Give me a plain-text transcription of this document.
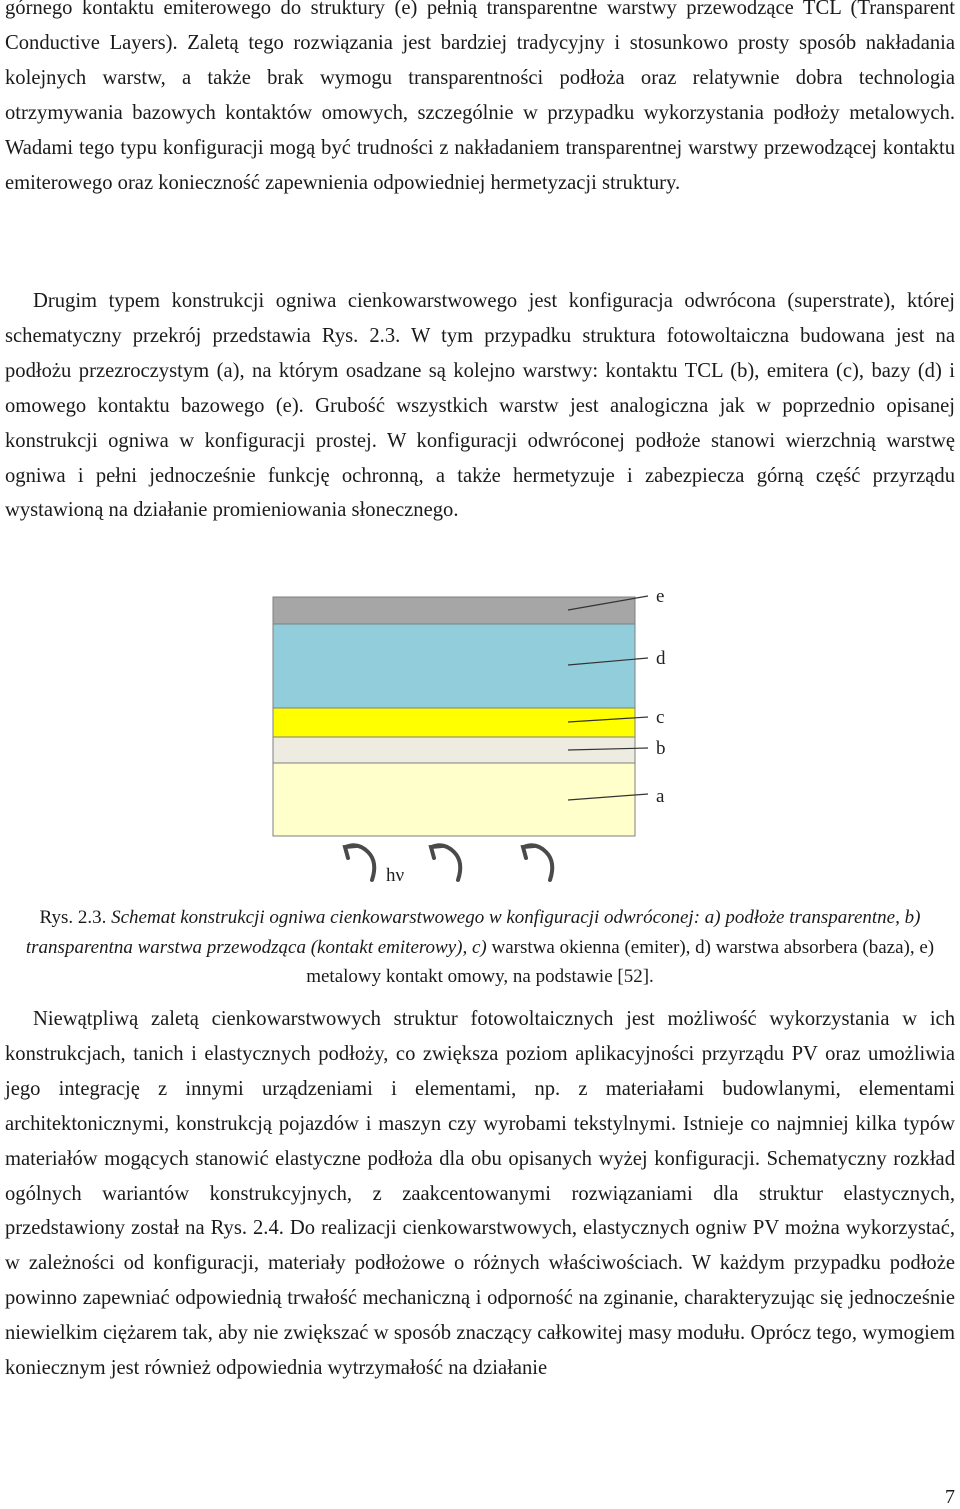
górnego kontaktu emiterowego do struktury (e) pełnią transparentne warstwy przewodzące TCL (Transparent Conductive Layers). Zaletą tego rozwiązania jest bardziej tradycyjny i stosunkowo prosty sposób nakładania kolejnych warstw, a także brak wymogu transparentności podłoża oraz relatywnie dobra technologia otrzymywania bazowych kontaktów omowych, szczególnie w przypadku wykorzystania podłoży metalowych. Wadami tego typu konfiguracji mogą być trudności z nakładaniem transparentnej warstwy przewodzącej kontaktu emiterowego oraz konieczność zapewnienia odpowiedniej hermetyzacji struktury.

Drugim typem konstrukcji ogniwa cienkowarstwowego jest konfiguracja odwrócona (superstrate), której schematyczny przekrój przedstawia Rys. 2.3. W tym przypadku struktura fotowoltaiczna budowana jest na podłożu przezroczystym (a), na którym osadzane są kolejno warstwy: kontaktu TCL (b), emitera (c), bazy (d) i omowego kontaktu bazowego (e). Grubość wszystkich warstw jest analogiczna jak w poprzednio opisanej konstrukcji ogniwa w konfiguracji prostej. W konfiguracji odwróconej podłoże stanowi wierzchnią warstwę ogniwa i pełni jednocześnie funkcję ochronną, a także hermetyzuje i zabezpiecza górną część przyrządu wystawioną na działanie promieniowania słonecznego.

e
d
c
b
a
hν

Rys. 2.3. Schemat konstrukcji ogniwa cienkowarstwowego w konfiguracji odwróconej: a) podłoże transparentne, b) transparentna warstwa przewodząca (kontakt emiterowy), c) warstwa okienna (emiter), d) warstwa absorbera (baza), e) metalowy kontakt omowy, na podstawie [52].

Niewątpliwą zaletą cienkowarstwowych struktur fotowoltaicznych jest możliwość wykorzystania w ich konstrukcjach, tanich i elastycznych podłoży, co zwiększa poziom aplikacyjności przyrządu PV oraz umożliwia jego integrację z innymi urządzeniami i elementami, np. z materiałami budowlanymi, elementami architektonicznymi, konstrukcją pojazdów i maszyn czy wyrobami tekstylnymi. Istnieje co najmniej kilka typów materiałów mogących stanowić elastyczne podłoża dla obu opisanych wyżej konfiguracji. Schematyczny rozkład ogólnych wariantów konstrukcyjnych, z zaakcentowanymi rozwiązaniami dla struktur elastycznych, przedstawiony został na Rys. 2.4. Do realizacji cienkowarstwowych, elastycznych ogniw PV można wykorzystać, w zależności od konfiguracji, materiały podłożowe o różnych właściwościach. W każdym przypadku podłoże powinno zapewniać odpowiednią trwałość mechaniczną i odporność na zginanie, charakteryzując się jednocześnie niewielkim ciężarem tak, aby nie zwiększać w sposób znaczący całkowitej masy modułu. Oprócz tego, wymogiem koniecznym jest również odpowiednia wytrzymałość na działanie

7
